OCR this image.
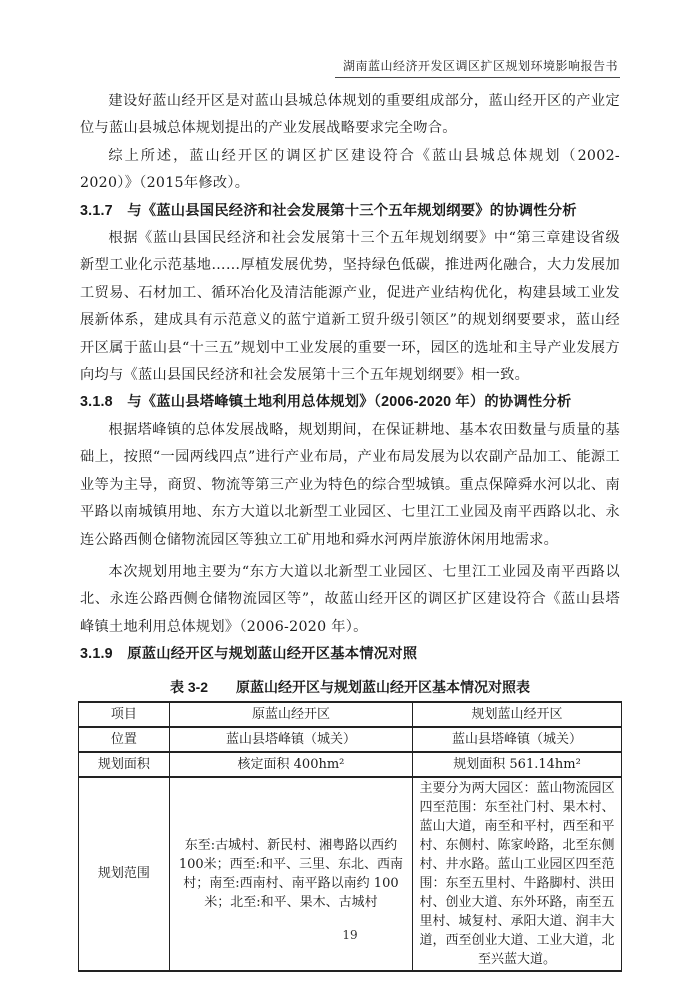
湖南蓝山经济开发区调区扩区规划环境影响报告书

建设好蓝山经开区是对蓝山县城总体规划的重要组成部分，蓝山经开区的产业定位与蓝山县城总体规划提出的产业发展战略要求完全吻合。

综上所述，蓝山经开区的调区扩区建设符合《蓝山县城总体规划（2002-2020）》（2015年修改）。

3.1.7　与《蓝山县国民经济和社会发展第十三个五年规划纲要》的协调性分析

根据《蓝山县国民经济和社会发展第十三个五年规划纲要》中“第三章建设省级新型工业化示范基地……厚植发展优势，坚持绿色低碳，推进两化融合，大力发展加工贸易、石材加工、循环冶化及清洁能源产业，促进产业结构优化，构建县域工业发展新体系，建成具有示范意义的蓝宁道新工贸升级引领区”的规划纲要要求，蓝山经开区属于蓝山县“十三五”规划中工业发展的重要一环，园区的选址和主导产业发展方向均与《蓝山县国民经济和社会发展第十三个五年规划纲要》相一致。

3.1.8　与《蓝山县塔峰镇土地利用总体规划》（2006-2020 年）的协调性分析

根据塔峰镇的总体发展战略，规划期间，在保证耕地、基本农田数量与质量的基础上，按照“一园两线四点”进行产业布局，产业布局发展为以农副产品加工、能源工业等为主导，商贸、物流等第三产业为特色的综合型城镇。重点保障舜水河以北、南平路以南城镇用地、东方大道以北新型工业园区、七里江工业园及南平西路以北、永连公路西侧仓储物流园区等独立工矿用地和舜水河两岸旅游休闲用地需求。

本次规划用地主要为“东方大道以北新型工业园区、七里江工业园及南平西路以北、永连公路西侧仓储物流园区等”，故蓝山经开区的调区扩区建设符合《蓝山县塔峰镇土地利用总体规划》（2006-2020 年）。

3.1.9　原蓝山经开区与规划蓝山经开区基本情况对照

表 3-2　　原蓝山经开区与规划蓝山经开区基本情况对照表

项目	原蓝山经开区	规划蓝山经开区
位置	蓝山县塔峰镇（城关）	蓝山县塔峰镇（城关）
规划面积	核定面积 400hm²	规划面积 561.14hm²
规划范围	东至:古城村、新民村、湘粤路以西约 100米；西至:和平、三里、东北、西南村；南至:西南村、南平路以南约 100 米；北至:和平、果木、古城村	主要分为两大园区：蓝山物流园区四至范围：东至社门村、果木村、蓝山大道，南至和平村，西至和平村、东侧村、陈家岭路，北至东侧村、井水路。蓝山工业园区四至范围：东至五里村、牛路脚村、洪田村、创业大道、东外环路，南至五里村、城复村、承阳大道、润丰大道，西至创业大道、工业大道，北至兴蓝大道。
19
